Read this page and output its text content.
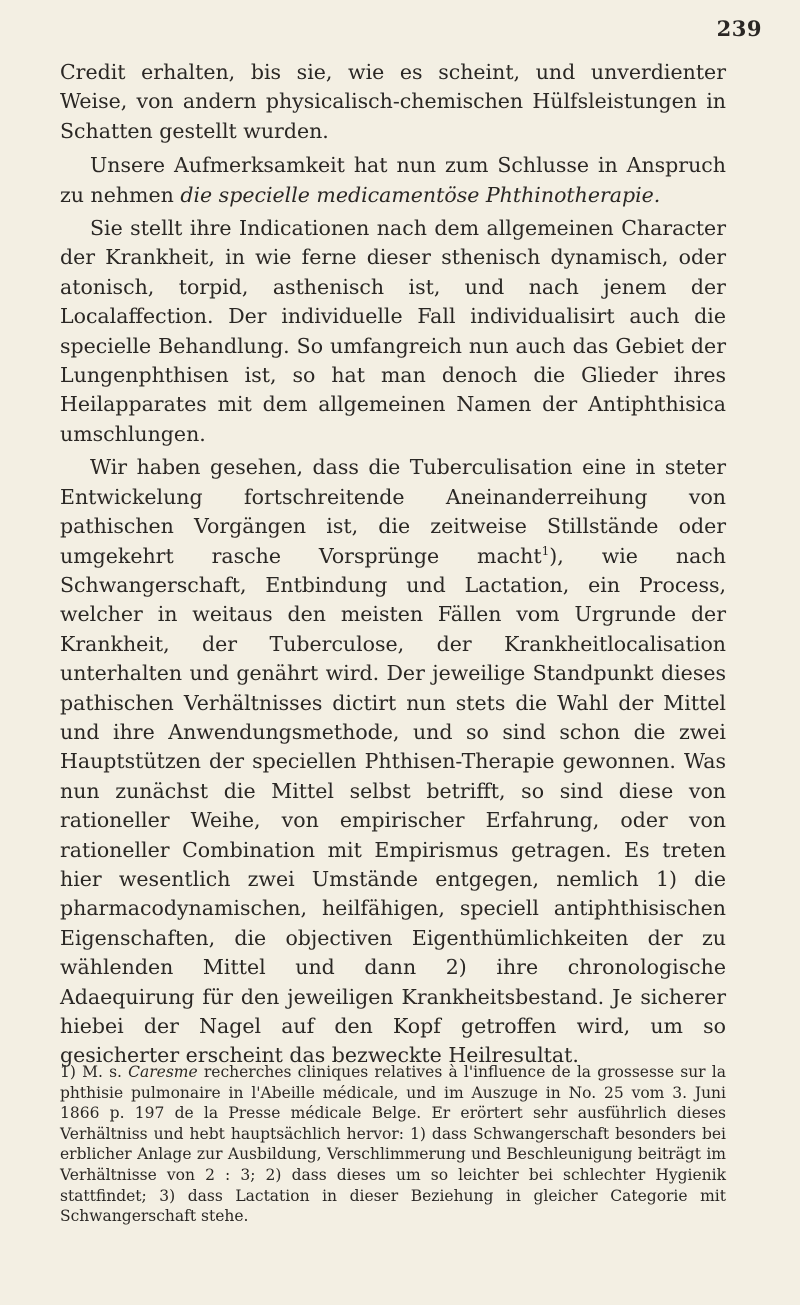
239

Credit erhalten, bis sie, wie es scheint, und unverdienter Weise, von andern physicalisch-chemischen Hülfsleistungen in Schatten gestellt wurden.

Unsere Aufmerksamkeit hat nun zum Schlusse in Anspruch zu nehmen die specielle medicamentöse Phthinotherapie.

Sie stellt ihre Indicationen nach dem allgemeinen Character der Krankheit, in wie ferne dieser sthenisch dynamisch, oder atonisch, torpid, asthenisch ist, und nach jenem der Localaffection. Der individuelle Fall individualisirt auch die specielle Behandlung. So umfangreich nun auch das Gebiet der Lungenphthisen ist, so hat man denoch die Glieder ihres Heilapparates mit dem allgemeinen Namen der Antiphthisica umschlungen.

Wir haben gesehen, dass die Tuberculisation eine in steter Entwickelung fortschreitende Aneinanderreihung von pathischen Vorgängen ist, die zeitweise Stillstände oder umgekehrt rasche Vorsprünge macht$^1$), wie nach Schwangerschaft, Entbindung und Lactation, ein Process, welcher in weitaus den meisten Fällen vom Urgrunde der Krankheit, der Tuberculose, der Krankheitlocalisation unterhalten und genährt wird. Der jeweilige Standpunkt dieses pathischen Verhältnisses dictirt nun stets die Wahl der Mittel und ihre Anwendungsmethode, und so sind schon die zwei Hauptstützen der speciellen Phthisen-Therapie gewonnen. Was nun zunächst die Mittel selbst betrifft, so sind diese von rationeller Weihe, von empirischer Erfahrung, oder von rationeller Combination mit Empirismus getragen. Es treten hier wesentlich zwei Umstände entgegen, nemlich 1) die pharmacodynamischen, heilfähigen, speciell antiphthisischen Eigenschaften, die objectiven Eigenthümlichkeiten der zu wählenden Mittel und dann 2) ihre chronologische Adaequirung für den jeweiligen Krankheitsbestand. Je sicherer hiebei der Nagel auf den Kopf getroffen wird, um so gesicherter erscheint das bezweckte Heilresultat.

1) M. s. Caresme recherches cliniques relatives à l'influence de la grossesse sur la phthisie pulmonaire in l'Abeille médicale, und im Auszuge in No. 25 vom 3. Juni 1866 p. 197 de la Presse médicale Belge. Er erörtert sehr ausführlich dieses Verhältniss und hebt hauptsächlich hervor: 1) dass Schwangerschaft besonders bei erblicher Anlage zur Ausbildung, Verschlimmerung und Beschleunigung beiträgt im Verhältnisse von 2 : 3; 2) dass dieses um so leichter bei schlechter Hygienik stattfindet; 3) dass Lactation in dieser Beziehung in gleicher Categorie mit Schwangerschaft stehe.
